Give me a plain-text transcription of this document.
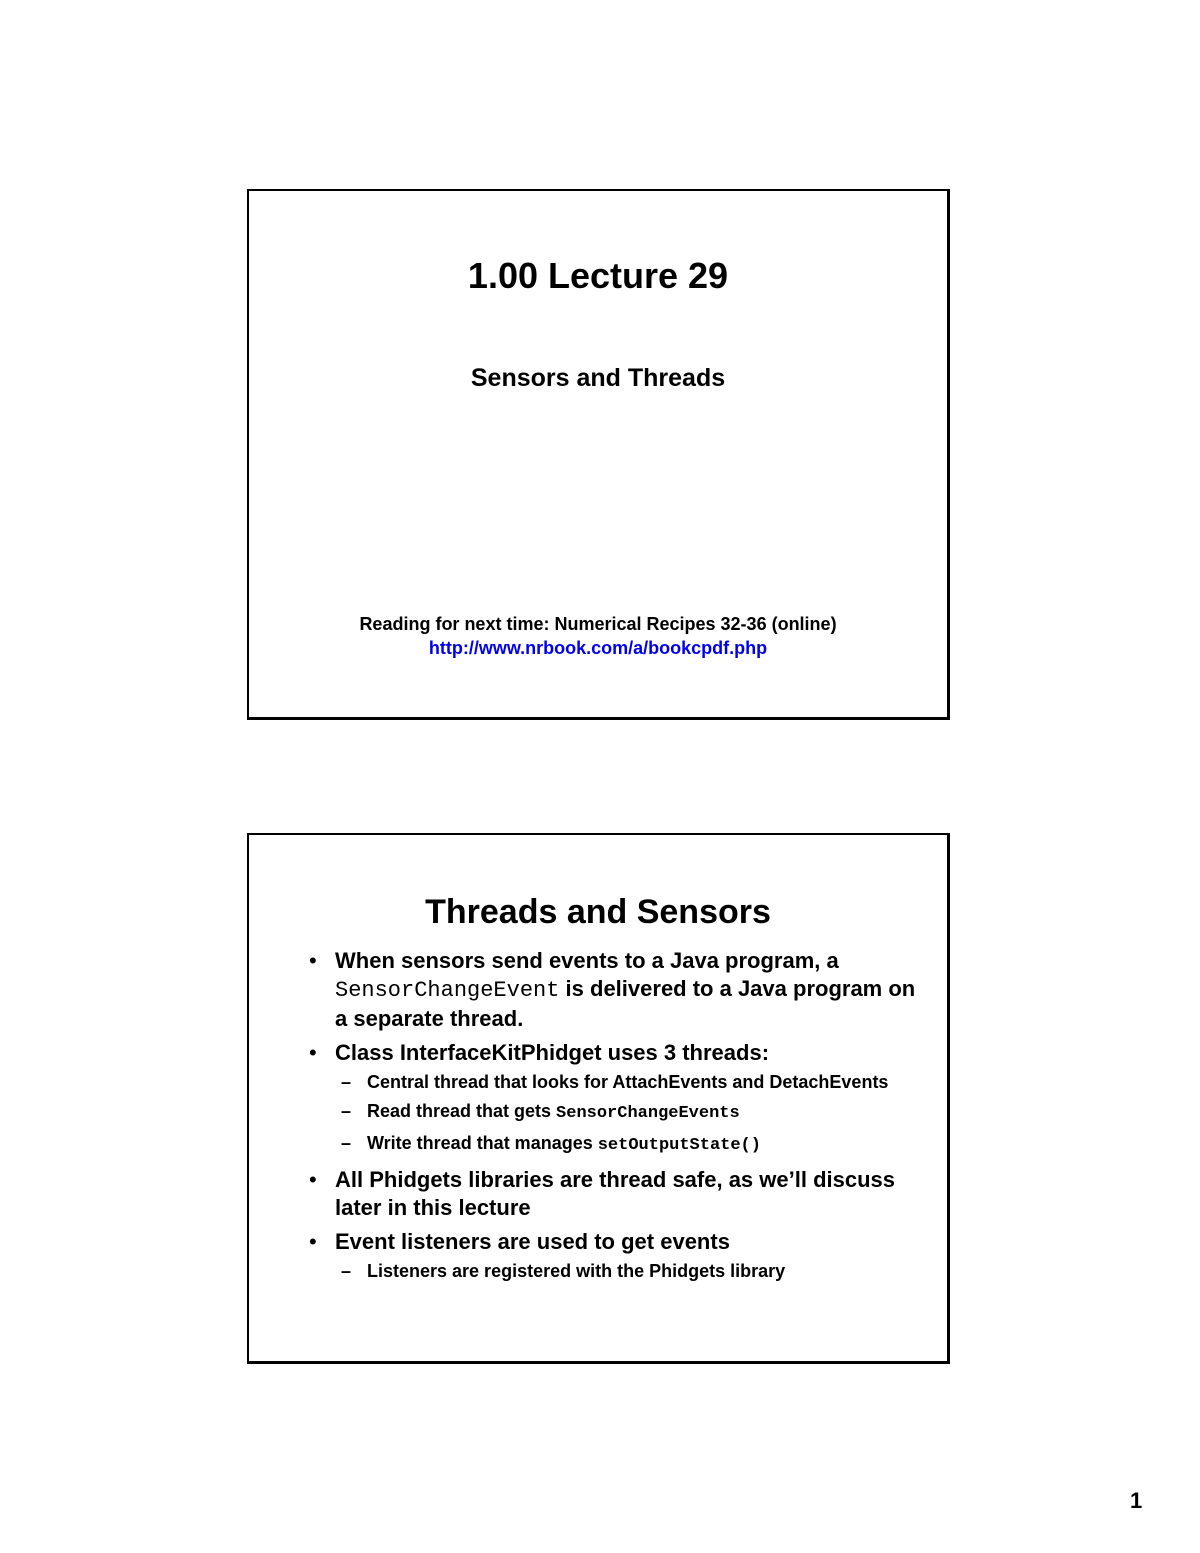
1.00 Lecture 29
Sensors and Threads
Reading for next time: Numerical Recipes 32-36 (online)
http://www.nrbook.com/a/bookcpdf.php
Threads and Sensors
• When sensors send events to a Java program, a SensorChangeEvent is delivered to a Java program on a separate thread.
• Class InterfaceKitPhidget uses 3 threads:
– Central thread that looks for AttachEvents and DetachEvents
– Read thread that gets SensorChangeEvents
– Write thread that manages setOutputState()
• All Phidgets libraries are thread safe, as we’ll discuss later in this lecture
• Event listeners are used to get events
– Listeners are registered with the Phidgets library
1
